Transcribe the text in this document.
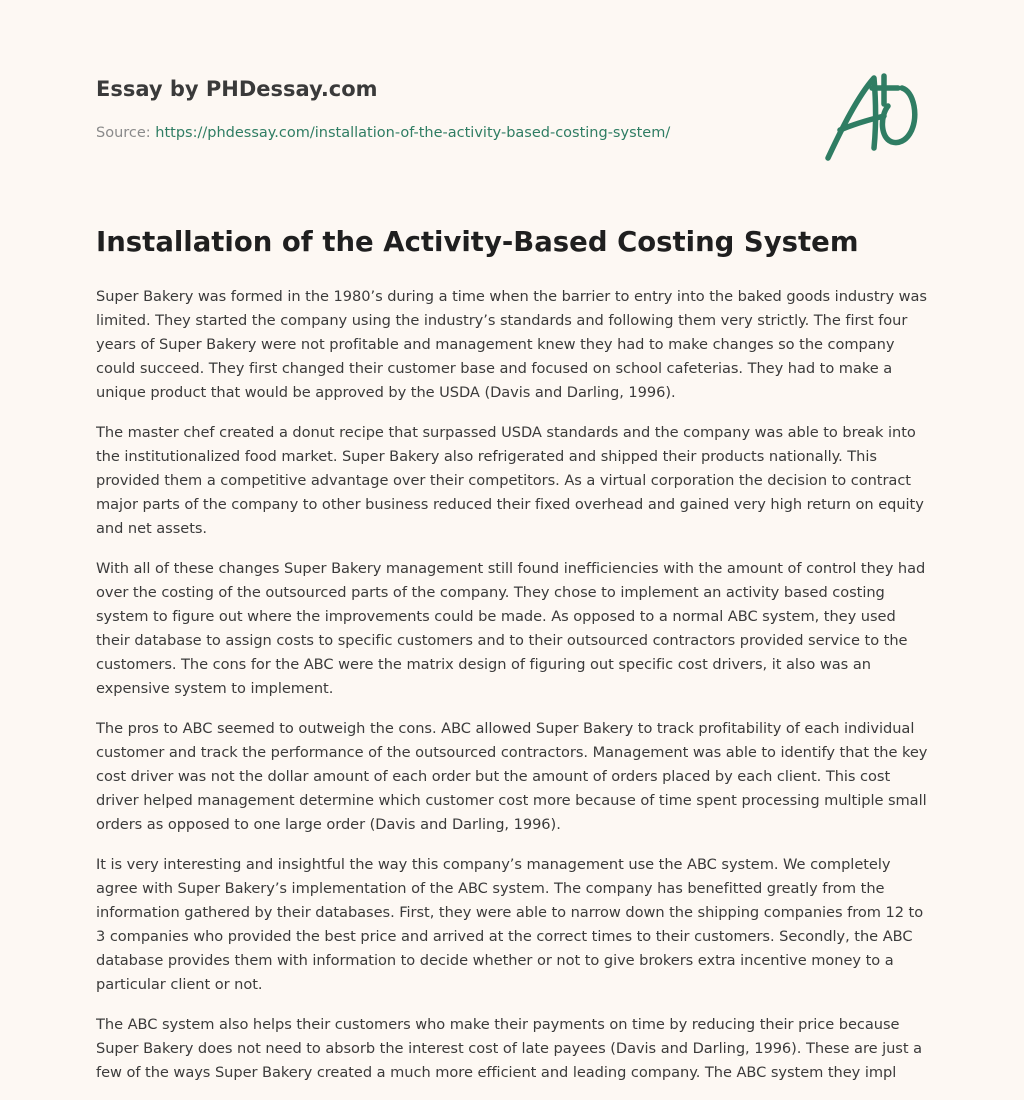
Essay by PHDessay.com
Source: https://phdessay.com/installation-of-the-activity-based-costing-system/
Installation of the Activity-Based Costing System

Super Bakery was formed in the 1980’s during a time when the barrier to entry into the baked goods industry was limited. They started the company using the industry’s standards and following them very strictly. The first four years of Super Bakery were not profitable and management knew they had to make changes so the company could succeed. They first changed their customer base and focused on school cafeterias. They had to make a unique product that would be approved by the USDA (Davis and Darling, 1996).

The master chef created a donut recipe that surpassed USDA standards and the company was able to break into the institutionalized food market. Super Bakery also refrigerated and shipped their products nationally. This provided them a competitive advantage over their competitors. As a virtual corporation the decision to contract major parts of the company to other business reduced their fixed overhead and gained very high return on equity and net assets.

With all of these changes Super Bakery management still found inefficiencies with the amount of control they had over the costing of the outsourced parts of the company. They chose to implement an activity based costing system to figure out where the improvements could be made. As opposed to a normal ABC system, they used their database to assign costs to specific customers and to their outsourced contractors provided service to the customers. The cons for the ABC were the matrix design of figuring out specific cost drivers, it also was an expensive system to implement.

The pros to ABC seemed to outweigh the cons. ABC allowed Super Bakery to track profitability of each individual customer and track the performance of the outsourced contractors. Management was able to identify that the key cost driver was not the dollar amount of each order but the amount of orders placed by each client. This cost driver helped management determine which customer cost more because of time spent processing multiple small orders as opposed to one large order (Davis and Darling, 1996).

It is very interesting and insightful the way this company’s management use the ABC system. We completely agree with Super Bakery’s implementation of the ABC system. The company has benefitted greatly from the information gathered by their databases. First, they were able to narrow down the shipping companies from 12 to 3 companies who provided the best price and arrived at the correct times to their customers. Secondly, the ABC database provides them with information to decide whether or not to give brokers extra incentive money to a particular client or not.

The ABC system also helps their customers who make their payments on time by reducing their price because Super Bakery does not need to absorb the interest cost of late payees (Davis and Darling, 1996). These are just a few of the ways Super Bakery created a much more efficient and leading company. The ABC system they impl
